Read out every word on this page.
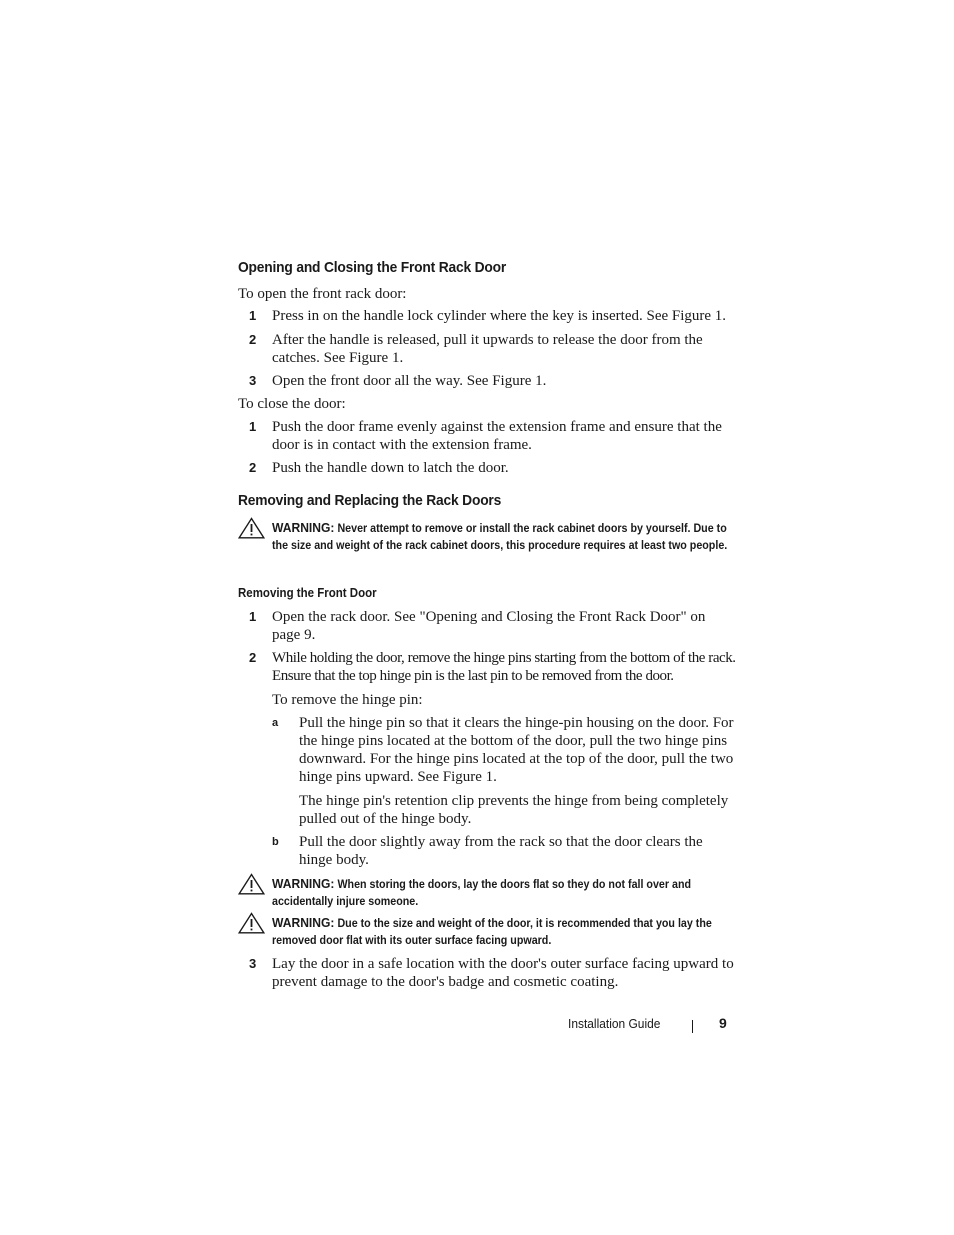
Opening and Closing the Front Rack Door
To open the front rack door:
1 Press in on the handle lock cylinder where the key is inserted. See Figure 1.
2 After the handle is released, pull it upwards to release the door from the catches. See Figure 1.
3 Open the front door all the way. See Figure 1.
To close the door:
1 Push the door frame evenly against the extension frame and ensure that the door is in contact with the extension frame.
2 Push the handle down to latch the door.
Removing and Replacing the Rack Doors
WARNING: Never attempt to remove or install the rack cabinet doors by yourself. Due to the size and weight of the rack cabinet doors, this procedure requires at least two people.
Removing the Front Door
1 Open the rack door. See "Opening and Closing the Front Rack Door" on page 9.
2 While holding the door, remove the hinge pins starting from the bottom of the rack. Ensure that the top hinge pin is the last pin to be removed from the door.
To remove the hinge pin:
a Pull the hinge pin so that it clears the hinge-pin housing on the door. For the hinge pins located at the bottom of the door, pull the two hinge pins downward. For the hinge pins located at the top of the door, pull the two hinge pins upward. See Figure 1.
The hinge pin's retention clip prevents the hinge from being completely pulled out of the hinge body.
b Pull the door slightly away from the rack so that the door clears the hinge body.
WARNING: When storing the doors, lay the doors flat so they do not fall over and accidentally injure someone.
WARNING: Due to the size and weight of the door, it is recommended that you lay the removed door flat with its outer surface facing upward.
3 Lay the door in a safe location with the door's outer surface facing upward to prevent damage to the door's badge and cosmetic coating.
Installation Guide	9
